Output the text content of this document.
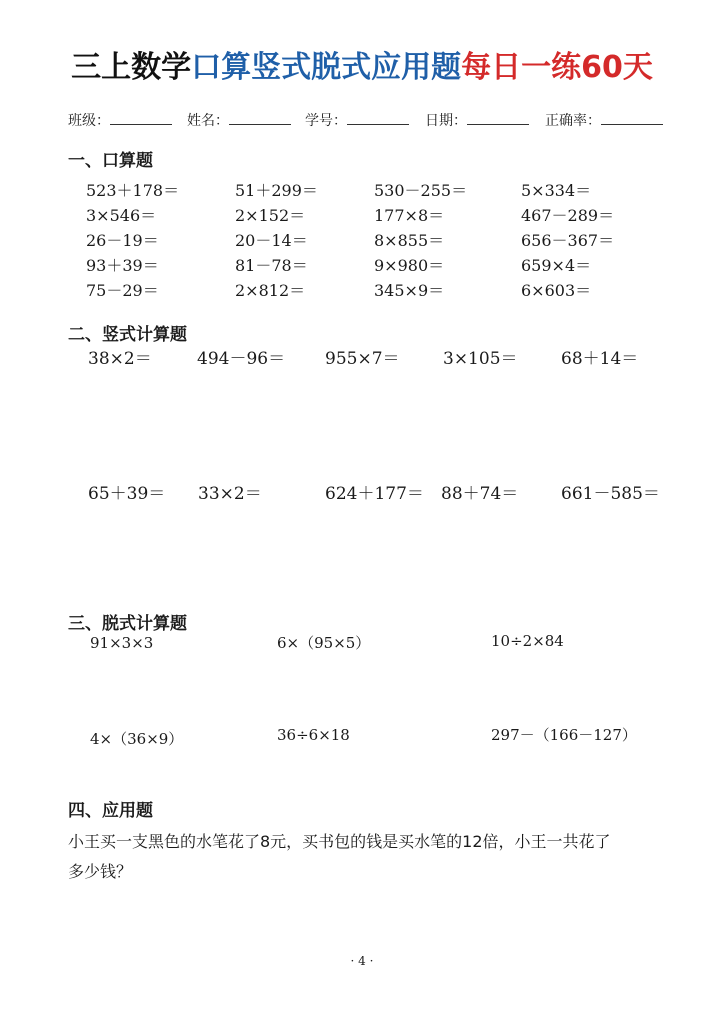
三上数学口算竖式脱式应用题每日一练60天
班级：	姓名：	学号：	日期：	正确率：
一、口算题
523＋178＝	51＋299＝	530－255＝	5×334＝
3×546＝	2×152＝	177×8＝	467－289＝
26－19＝	20－14＝	8×855＝	656－367＝
93＋39＝	81－78＝	9×980＝	659×4＝
75－29＝	2×812＝	345×9＝	6×603＝
二、竖式计算题
38×2＝	494－96＝ 955×7＝	3×105＝	68＋14＝
65＋39＝ 33×2＝	624＋177＝ 88＋74＝	661－585＝
三、脱式计算题
91×3×3	6×（95×5）	10÷2×84
4×（36×9）	36÷6×18	297－（166－127）
四、应用题
小王买一支黑色的水笔花了8元，买书包的钱是买水笔的12倍，小王一共花了
多少钱？
· 4 ·
